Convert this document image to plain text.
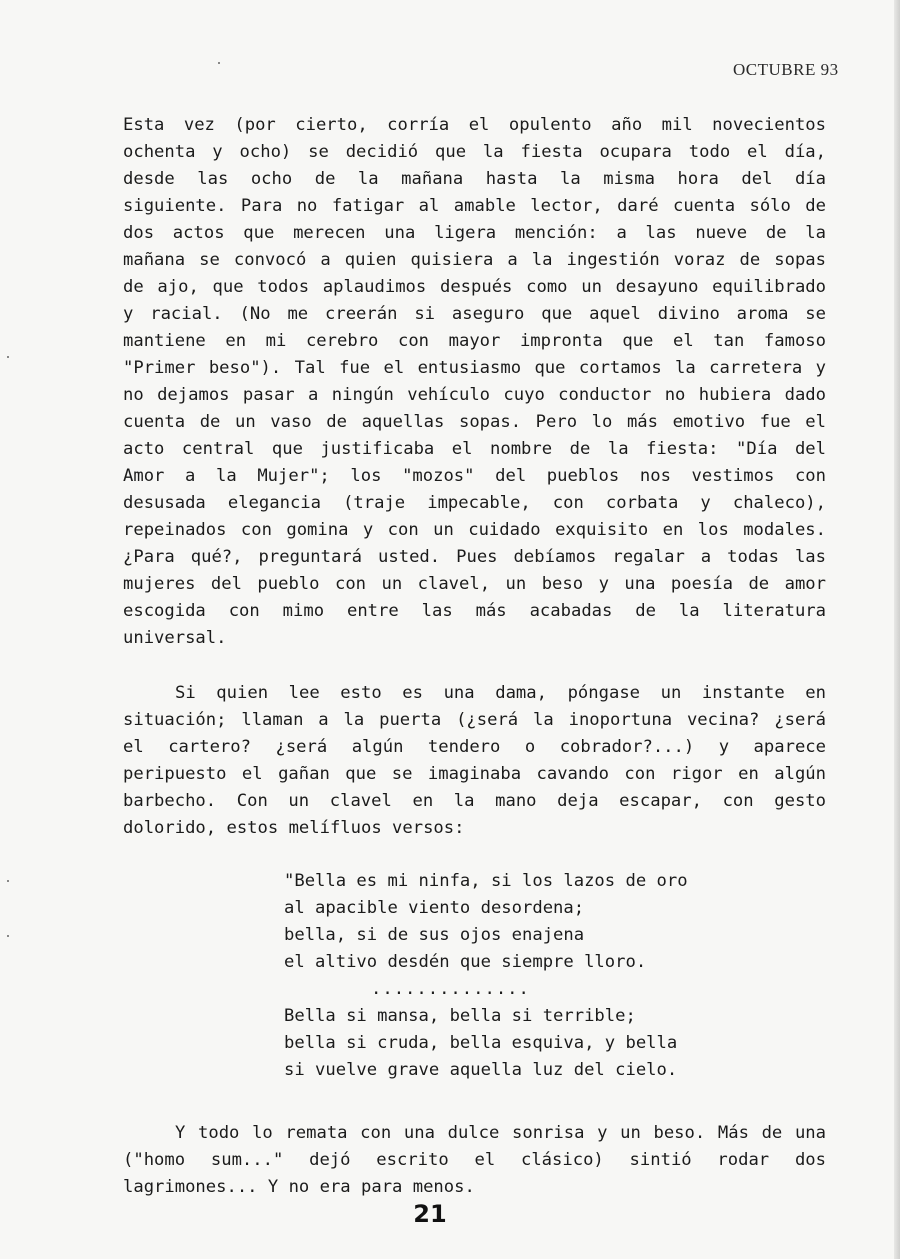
OCTUBRE 93
Esta vez (por cierto, corría el opulento año mil novecientos
ochenta y ocho) se decidió que la fiesta ocupara todo el día,
desde las ocho de la mañana hasta la misma hora del día
siguiente. Para no fatigar al amable lector, daré cuenta sólo de
dos actos que merecen una ligera mención: a las nueve de la
mañana se convocó a quien quisiera a la ingestión voraz de sopas
de ajo, que todos aplaudimos después como un desayuno equilibrado
y racial. (No me creerán si aseguro que aquel divino aroma se
mantiene en mi cerebro con mayor impronta que el tan famoso
"Primer beso"). Tal fue el entusiasmo que cortamos la carretera y
no dejamos pasar a ningún vehículo cuyo conductor no hubiera dado
cuenta de un vaso de aquellas sopas. Pero lo más emotivo fue el
acto central que justificaba el nombre de la fiesta: "Día del
Amor a la Mujer"; los "mozos" del pueblos nos vestimos con
desusada elegancia (traje impecable, con corbata y chaleco),
repeinados con gomina y con un cuidado exquisito en los modales.
¿Para qué?, preguntará usted. Pues debíamos regalar a todas las
mujeres del pueblo con un clavel, un beso y una poesía de amor
escogida con mimo entre las más acabadas de la literatura
universal.
Si quien lee esto es una dama, póngase un instante en
situación; llaman a la puerta (¿será la inoportuna vecina? ¿será
el cartero? ¿será algún tendero o cobrador?...) y aparece
peripuesto el gañan que se imaginaba cavando con rigor en algún
barbecho. Con un clavel en la mano deja escapar, con gesto
dolorido, estos melífluos versos:
"Bella es mi ninfa, si los lazos de oro
al apacible viento desordena;
bella, si de sus ojos enajena
el altivo desdén que siempre lloro.
..............
Bella si mansa, bella si terrible;
bella si cruda, bella esquiva, y bella
si vuelve grave aquella luz del cielo.
Y todo lo remata con una dulce sonrisa y un beso. Más de una
("homo sum..." dejó escrito el clásico) sintió rodar dos
lagrimones... Y no era para menos.
21
